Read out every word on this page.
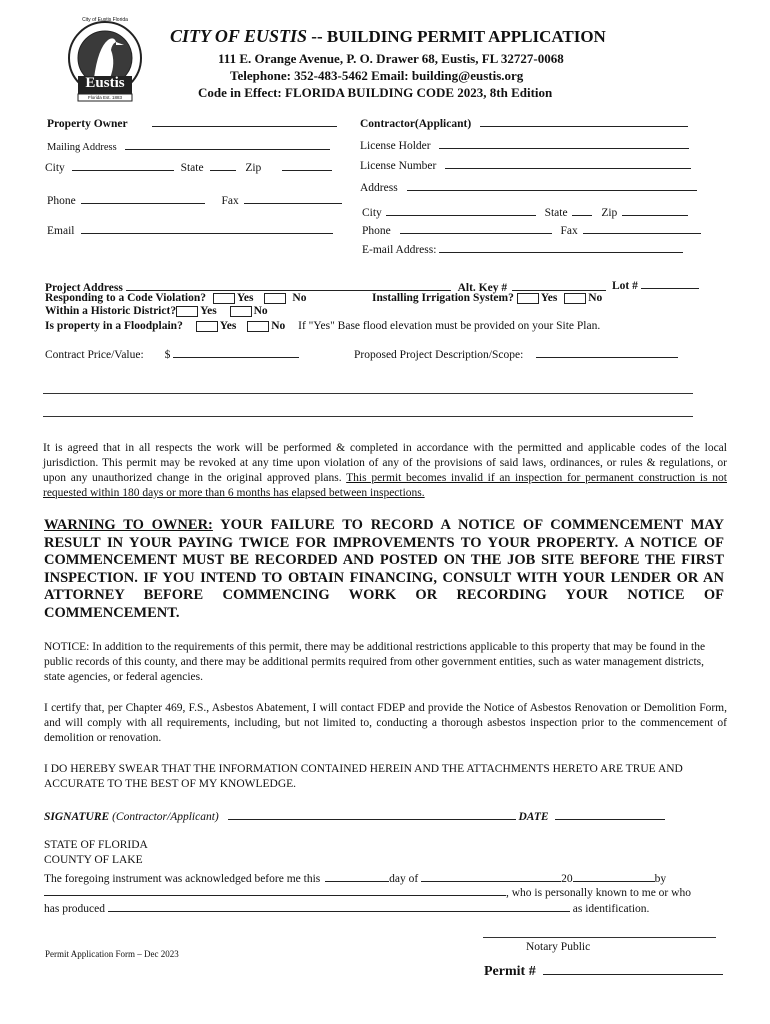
Eustis
City of Eustis Florida
Florida Est. 1883
CITY OF EUSTIS -- BUILDING PERMIT APPLICATION
111 E. Orange Avenue, P. O. Drawer 68, Eustis, FL 32727-0068
Telephone: 352-483-5462 Email: building@eustis.org
Code in Effect: FLORIDA BUILDING CODE 2023, 8th Edition
Property Owner
Mailing Address
City	State	Zip
Phone	Fax
Email
Contractor(Applicant)
License Holder
License Number
Address
City	State	Zip
Phone	Fax
E-mail Address:
Project Address	Alt. Key #	Lot #
Responding to a Code Violation?	Yes	No	Installing Irrigation System? Yes	No
Within a Historic District? Yes	No
Is property in a Floodplain?	Yes	No If "Yes" Base flood elevation must be provided on your Site Plan.
Contract Price/Value: $	Proposed Project Description/Scope:
It is agreed that in all respects the work will be performed & completed in accordance with the permitted and applicable codes of the local jurisdiction. This permit may be revoked at any time upon violation of any of the provisions of said laws, ordinances, or rules & regulations, or upon any unauthorized change in the original approved plans. This permit becomes invalid if an inspection for permanent construction is not requested within 180 days or more than 6 months has elapsed between inspections.
WARNING TO OWNER: YOUR FAILURE TO RECORD A NOTICE OF COMMENCEMENT MAY RESULT IN YOUR PAYING TWICE FOR IMPROVEMENTS TO YOUR PROPERTY. A NOTICE OF COMMENCEMENT MUST BE RECORDED AND POSTED ON THE JOB SITE BEFORE THE FIRST INSPECTION. IF YOU INTEND TO OBTAIN FINANCING, CONSULT WITH YOUR LENDER OR AN ATTORNEY BEFORE COMMENCING WORK OR RECORDING YOUR NOTICE OF COMMENCEMENT.
NOTICE: In addition to the requirements of this permit, there may be additional restrictions applicable to this property that may be found in the public records of this county, and there may be additional permits required from other government entities, such as water management districts, state agencies, or federal agencies.
I certify that, per Chapter 469, F.S., Asbestos Abatement, I will contact FDEP and provide the Notice of Asbestos Renovation or Demolition Form, and will comply with all requirements, including, but not limited to, conducting a thorough asbestos inspection prior to the commencement of demolition or renovation.
I DO HEREBY SWEAR THAT THE INFORMATION CONTAINED HEREIN AND THE ATTACHMENTS HERETO ARE TRUE AND ACCURATE TO THE BEST OF MY KNOWLEDGE.
SIGNATURE (Contractor/Applicant)	DATE
STATE OF FLORIDA
COUNTY OF LAKE
The foregoing instrument was acknowledged before me this	day of	20	by
, who is personally known to me or who
has produced	as identification.
Notary Public
Permit Application Form – Dec 2023
Permit #
